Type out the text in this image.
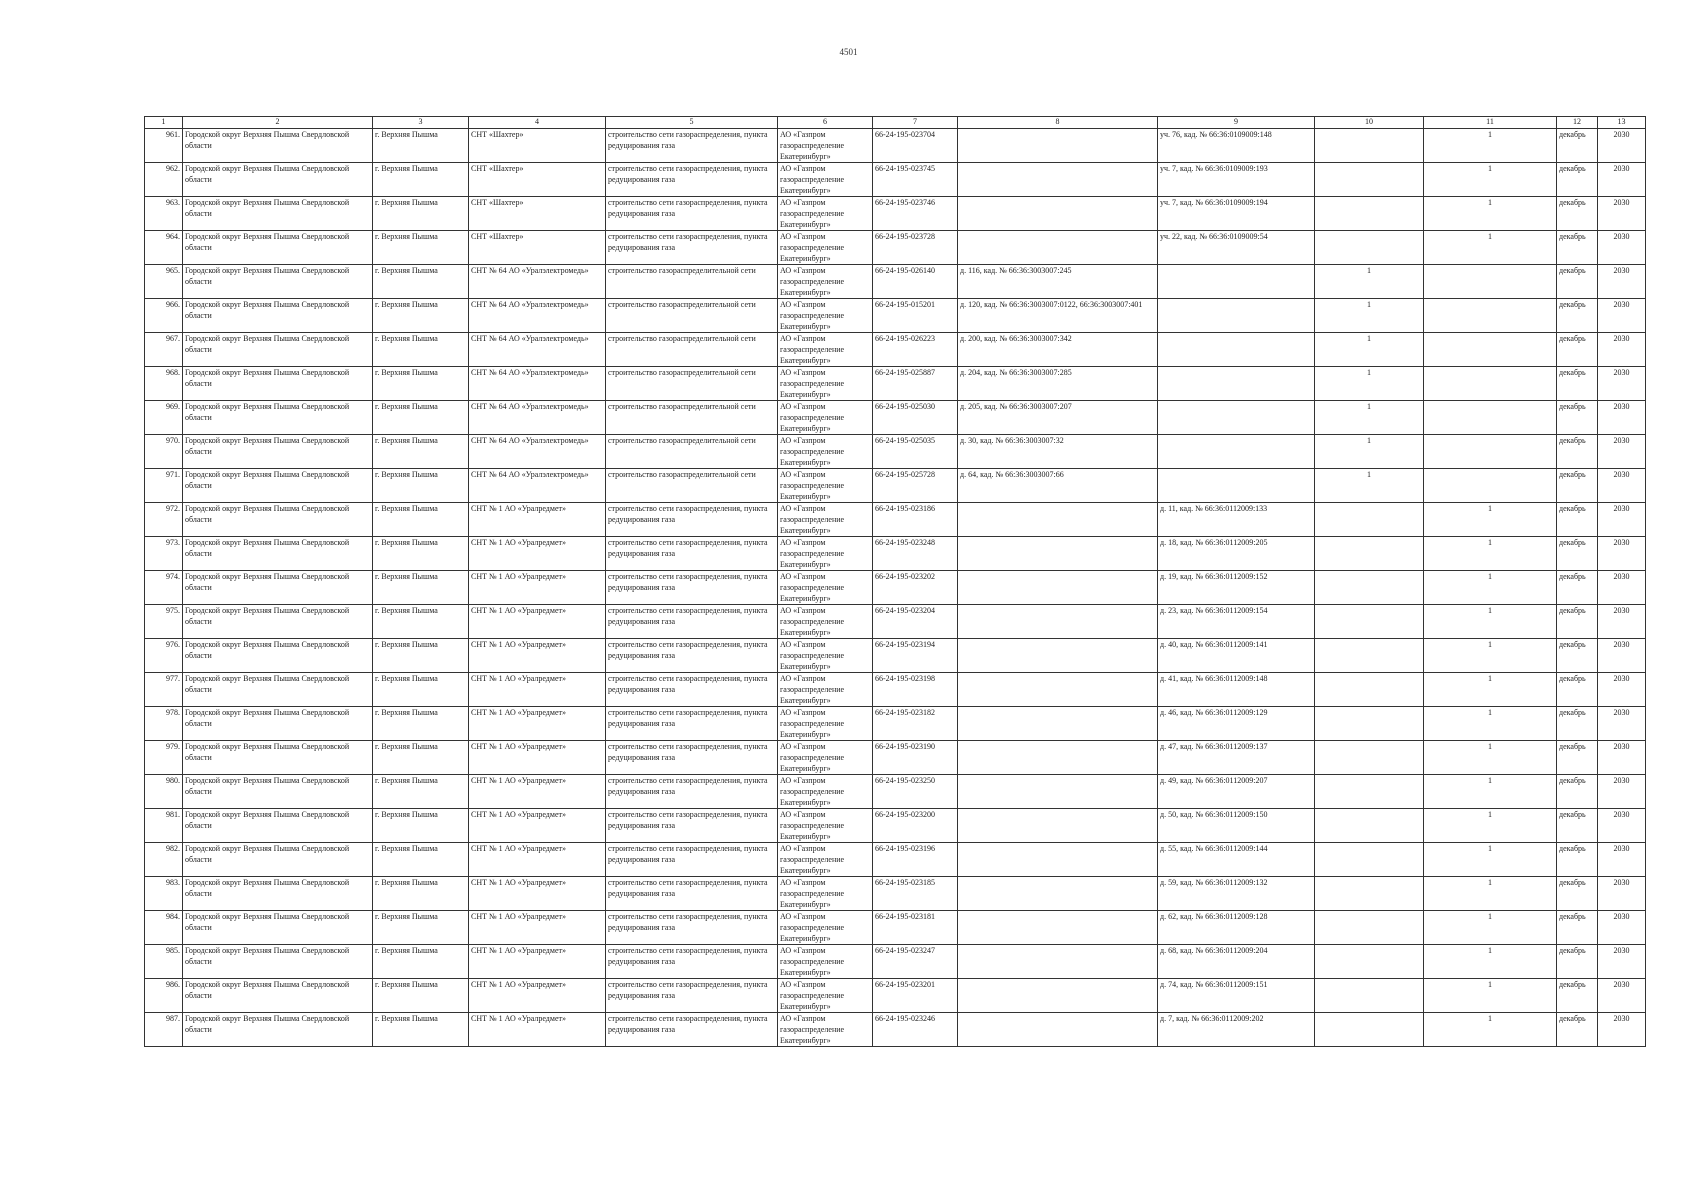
4501
1	2	3	4	5	6	7	8	9	10	11	12	13
961.	Городской округ Верхняя Пышма Свердловской области	г. Верхняя Пышма	СНТ «Шахтер»	строительство сети газораспределения, пункта редуцирования газа	АО «Газпром газораспределение Екатеринбург»	66-24-195-023704		уч. 76, кад. № 66:36:0109009:148		1	декабрь	2030
962.	Городской округ Верхняя Пышма Свердловской области	г. Верхняя Пышма	СНТ «Шахтер»	строительство сети газораспределения, пункта редуцирования газа	АО «Газпром газораспределение Екатеринбург»	66-24-195-023745		уч. 7, кад. № 66:36:0109009:193		1	декабрь	2030
963.	Городской округ Верхняя Пышма Свердловской области	г. Верхняя Пышма	СНТ «Шахтер»	строительство сети газораспределения, пункта редуцирования газа	АО «Газпром газораспределение Екатеринбург»	66-24-195-023746		уч. 7, кад. № 66:36:0109009:194		1	декабрь	2030
964.	Городской округ Верхняя Пышма Свердловской области	г. Верхняя Пышма	СНТ «Шахтер»	строительство сети газораспределения, пункта редуцирования газа	АО «Газпром газораспределение Екатеринбург»	66-24-195-023728		уч. 22, кад. № 66:36:0109009:54		1	декабрь	2030
965.	Городской округ Верхняя Пышма Свердловской области	г. Верхняя Пышма	СНТ № 64 АО «Уралэлектромедь»	строительство газораспределительной сети	АО «Газпром газораспределение Екатеринбург»	66-24-195-026140	д. 116, кад. № 66:36:3003007:245		1		декабрь	2030
966.	Городской округ Верхняя Пышма Свердловской области	г. Верхняя Пышма	СНТ № 64 АО «Уралэлектромедь»	строительство газораспределительной сети	АО «Газпром газораспределение Екатеринбург»	66-24-195-015201	д. 120, кад. № 66:36:3003007:0122, 66:36:3003007:401		1		декабрь	2030
967.	Городской округ Верхняя Пышма Свердловской области	г. Верхняя Пышма	СНТ № 64 АО «Уралэлектромедь»	строительство газораспределительной сети	АО «Газпром газораспределение Екатеринбург»	66-24-195-026223	д. 200, кад. № 66:36:3003007:342		1		декабрь	2030
968.	Городской округ Верхняя Пышма Свердловской области	г. Верхняя Пышма	СНТ № 64 АО «Уралэлектромедь»	строительство газораспределительной сети	АО «Газпром газораспределение Екатеринбург»	66-24-195-025887	д. 204, кад. № 66:36:3003007:285		1		декабрь	2030
969.	Городской округ Верхняя Пышма Свердловской области	г. Верхняя Пышма	СНТ № 64 АО «Уралэлектромедь»	строительство газораспределительной сети	АО «Газпром газораспределение Екатеринбург»	66-24-195-025030	д. 205, кад. № 66:36:3003007:207		1		декабрь	2030
970.	Городской округ Верхняя Пышма Свердловской области	г. Верхняя Пышма	СНТ № 64 АО «Уралэлектромедь»	строительство газораспределительной сети	АО «Газпром газораспределение Екатеринбург»	66-24-195-025035	д. 30, кад. № 66:36:3003007:32		1		декабрь	2030
971.	Городской округ Верхняя Пышма Свердловской области	г. Верхняя Пышма	СНТ № 64 АО «Уралэлектромедь»	строительство газораспределительной сети	АО «Газпром газораспределение Екатеринбург»	66-24-195-025728	д. 64, кад. № 66:36:3003007:66		1		декабрь	2030
972.	Городской округ Верхняя Пышма Свердловской области	г. Верхняя Пышма	СНТ № 1 АО «Уралредмет»	строительство сети газораспределения, пункта редуцирования газа	АО «Газпром газораспределение Екатеринбург»	66-24-195-023186		д. 11, кад. № 66:36:0112009:133		1	декабрь	2030
973.	Городской округ Верхняя Пышма Свердловской области	г. Верхняя Пышма	СНТ № 1 АО «Уралредмет»	строительство сети газораспределения, пункта редуцирования газа	АО «Газпром газораспределение Екатеринбург»	66-24-195-023248		д. 18, кад. № 66:36:0112009:205		1	декабрь	2030
974.	Городской округ Верхняя Пышма Свердловской области	г. Верхняя Пышма	СНТ № 1 АО «Уралредмет»	строительство сети газораспределения, пункта редуцирования газа	АО «Газпром газораспределение Екатеринбург»	66-24-195-023202		д. 19, кад. № 66:36:0112009:152		1	декабрь	2030
975.	Городской округ Верхняя Пышма Свердловской области	г. Верхняя Пышма	СНТ № 1 АО «Уралредмет»	строительство сети газораспределения, пункта редуцирования газа	АО «Газпром газораспределение Екатеринбург»	66-24-195-023204		д. 23, кад. № 66:36:0112009:154		1	декабрь	2030
976.	Городской округ Верхняя Пышма Свердловской области	г. Верхняя Пышма	СНТ № 1 АО «Уралредмет»	строительство сети газораспределения, пункта редуцирования газа	АО «Газпром газораспределение Екатеринбург»	66-24-195-023194		д. 40, кад. № 66:36:0112009:141		1	декабрь	2030
977.	Городской округ Верхняя Пышма Свердловской области	г. Верхняя Пышма	СНТ № 1 АО «Уралредмет»	строительство сети газораспределения, пункта редуцирования газа	АО «Газпром газораспределение Екатеринбург»	66-24-195-023198		д. 41, кад. № 66:36:0112009:148		1	декабрь	2030
978.	Городской округ Верхняя Пышма Свердловской области	г. Верхняя Пышма	СНТ № 1 АО «Уралредмет»	строительство сети газораспределения, пункта редуцирования газа	АО «Газпром газораспределение Екатеринбург»	66-24-195-023182		д. 46, кад. № 66:36:0112009:129		1	декабрь	2030
979.	Городской округ Верхняя Пышма Свердловской области	г. Верхняя Пышма	СНТ № 1 АО «Уралредмет»	строительство сети газораспределения, пункта редуцирования газа	АО «Газпром газораспределение Екатеринбург»	66-24-195-023190		д. 47, кад. № 66:36:0112009:137		1	декабрь	2030
980.	Городской округ Верхняя Пышма Свердловской области	г. Верхняя Пышма	СНТ № 1 АО «Уралредмет»	строительство сети газораспределения, пункта редуцирования газа	АО «Газпром газораспределение Екатеринбург»	66-24-195-023250		д. 49, кад. № 66:36:0112009:207		1	декабрь	2030
981.	Городской округ Верхняя Пышма Свердловской области	г. Верхняя Пышма	СНТ № 1 АО «Уралредмет»	строительство сети газораспределения, пункта редуцирования газа	АО «Газпром газораспределение Екатеринбург»	66-24-195-023200		д. 50, кад. № 66:36:0112009:150		1	декабрь	2030
982.	Городской округ Верхняя Пышма Свердловской области	г. Верхняя Пышма	СНТ № 1 АО «Уралредмет»	строительство сети газораспределения, пункта редуцирования газа	АО «Газпром газораспределение Екатеринбург»	66-24-195-023196		д. 55, кад. № 66:36:0112009:144		1	декабрь	2030
983.	Городской округ Верхняя Пышма Свердловской области	г. Верхняя Пышма	СНТ № 1 АО «Уралредмет»	строительство сети газораспределения, пункта редуцирования газа	АО «Газпром газораспределение Екатеринбург»	66-24-195-023185		д. 59, кад. № 66:36:0112009:132		1	декабрь	2030
984.	Городской округ Верхняя Пышма Свердловской области	г. Верхняя Пышма	СНТ № 1 АО «Уралредмет»	строительство сети газораспределения, пункта редуцирования газа	АО «Газпром газораспределение Екатеринбург»	66-24-195-023181		д. 62, кад. № 66:36:0112009:128		1	декабрь	2030
985.	Городской округ Верхняя Пышма Свердловской области	г. Верхняя Пышма	СНТ № 1 АО «Уралредмет»	строительство сети газораспределения, пункта редуцирования газа	АО «Газпром газораспределение Екатеринбург»	66-24-195-023247		д. 68, кад. № 66:36:0112009:204		1	декабрь	2030
986.	Городской округ Верхняя Пышма Свердловской области	г. Верхняя Пышма	СНТ № 1 АО «Уралредмет»	строительство сети газораспределения, пункта редуцирования газа	АО «Газпром газораспределение Екатеринбург»	66-24-195-023201		д. 74, кад. № 66:36:0112009:151		1	декабрь	2030
987.	Городской округ Верхняя Пышма Свердловской области	г. Верхняя Пышма	СНТ № 1 АО «Уралредмет»	строительство сети газораспределения, пункта редуцирования газа	АО «Газпром газораспределение Екатеринбург»	66-24-195-023246		д. 7, кад. № 66:36:0112009:202		1	декабрь	2030
